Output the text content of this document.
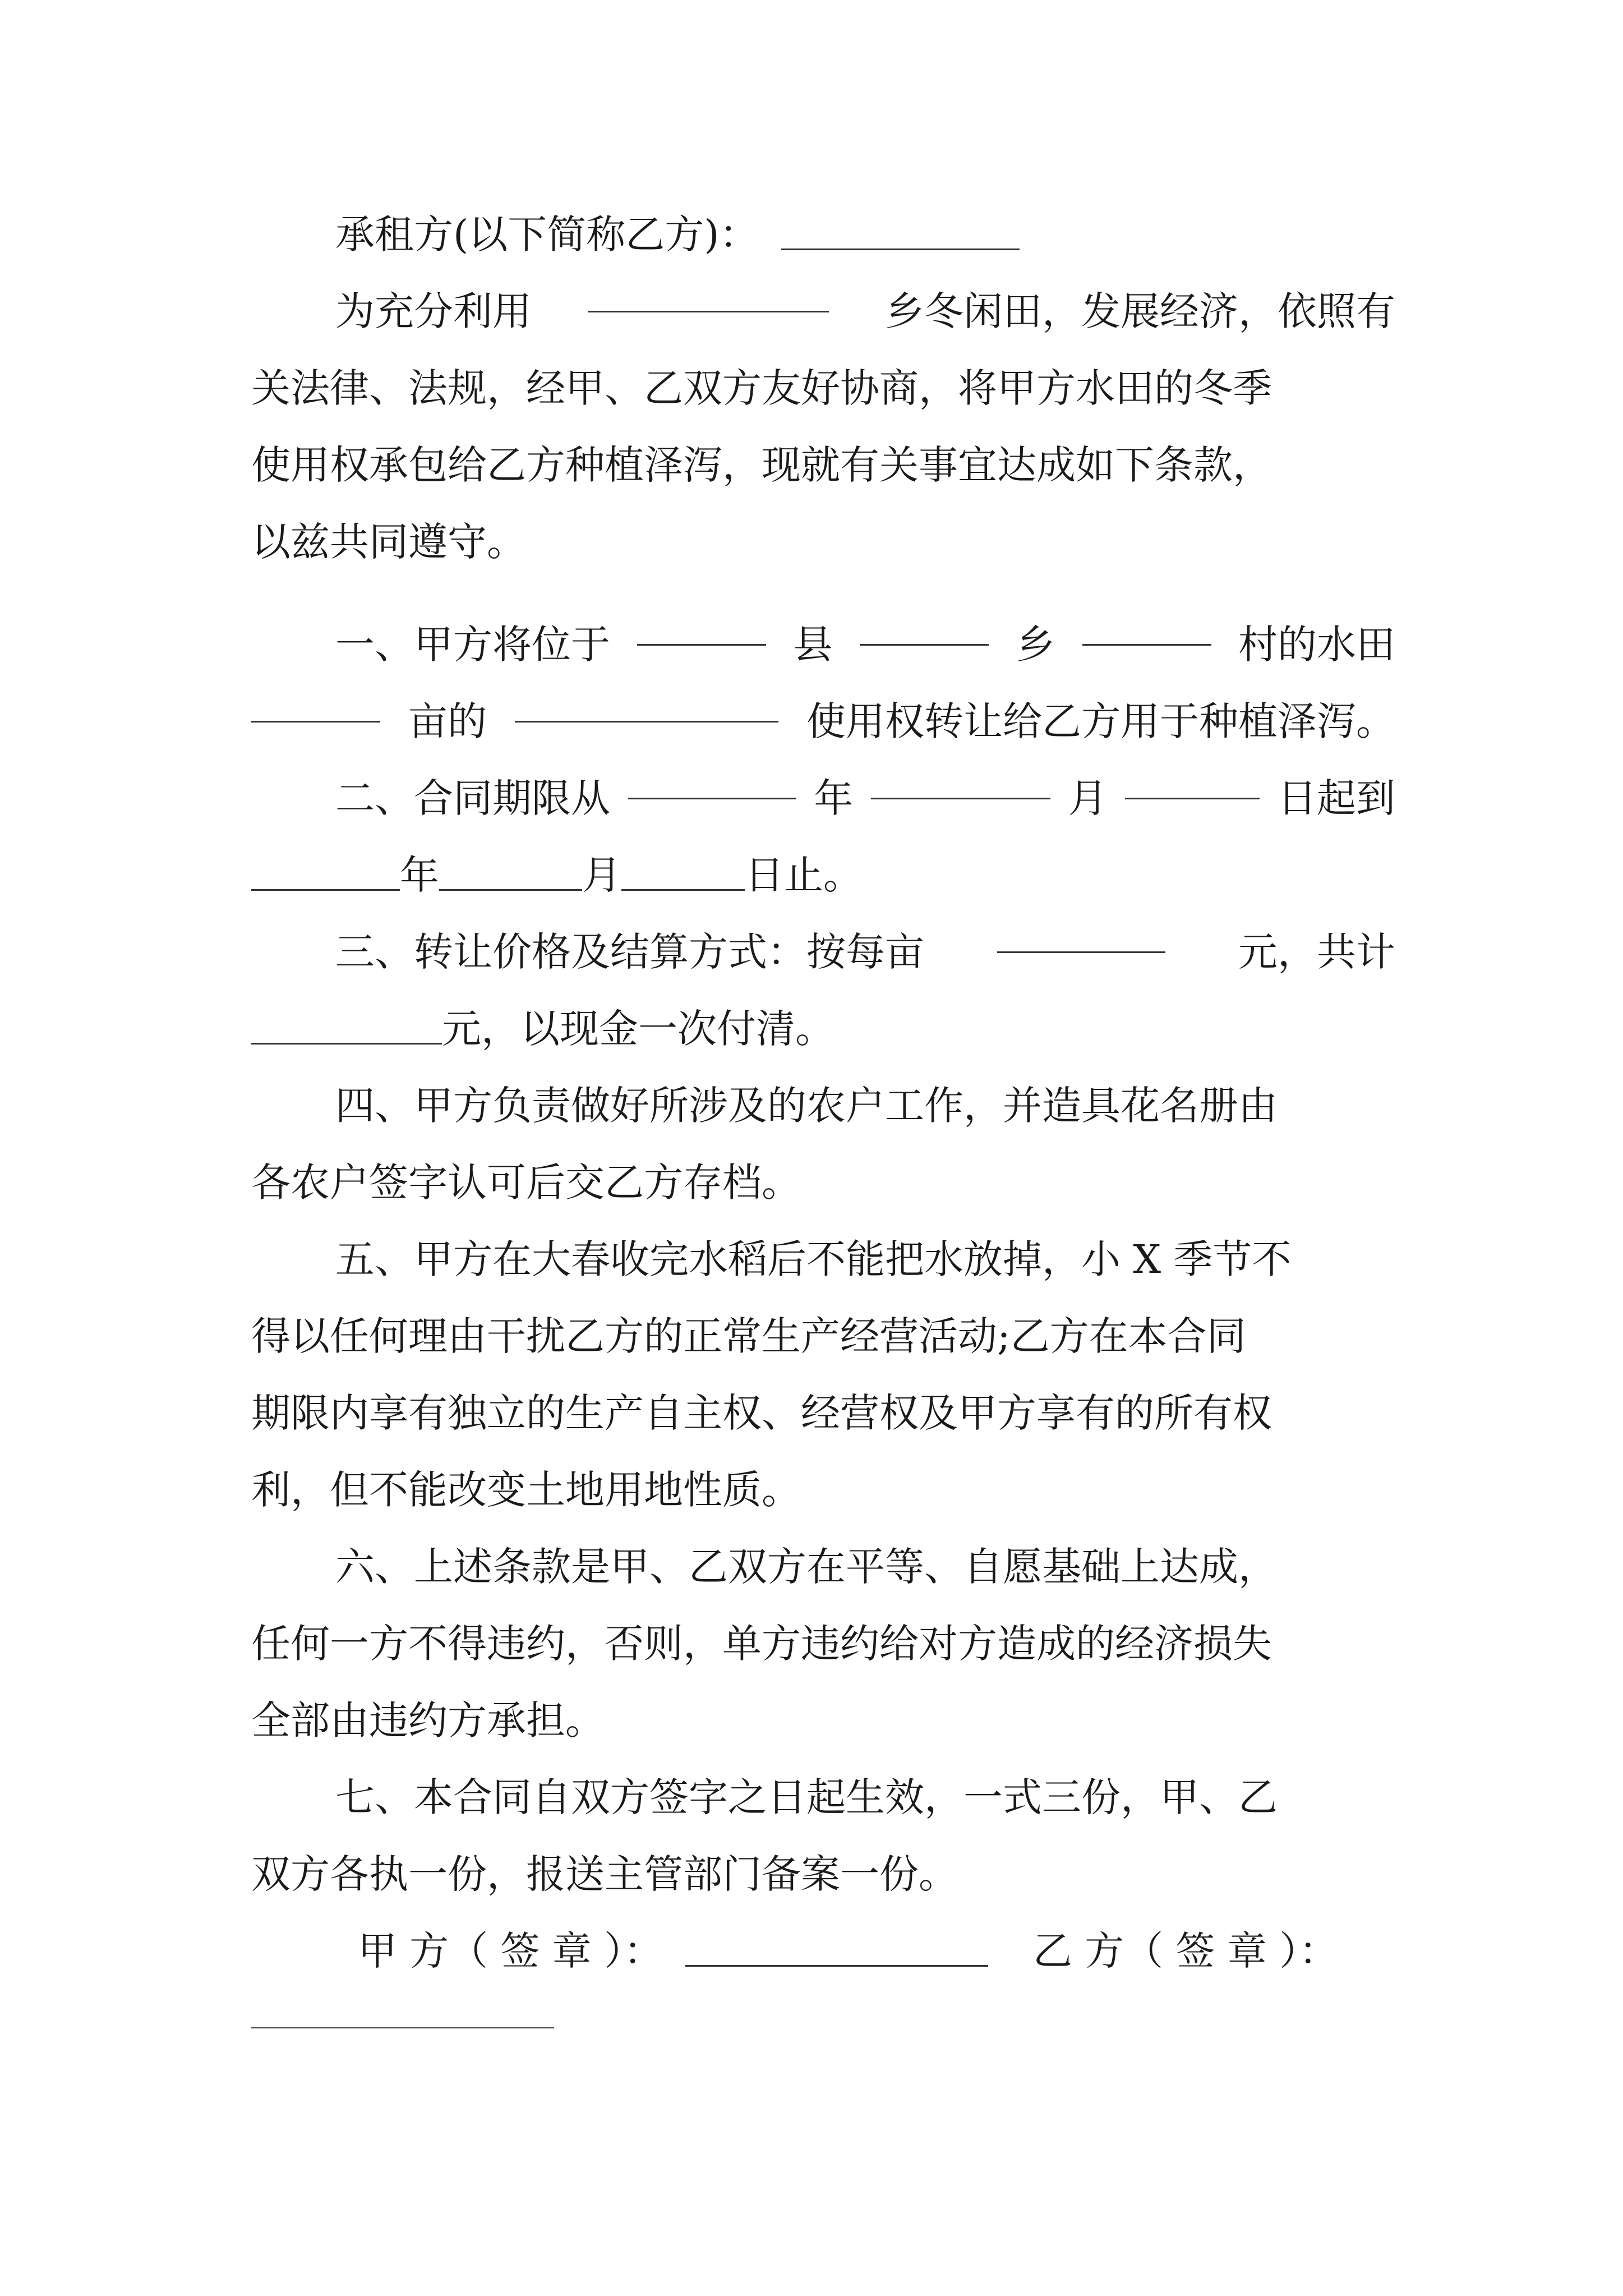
承租方(以下简称乙方)：
为充分利用	乡冬闲田，发展经济，依照有
关法律、法规，经甲、乙双方友好协商，将甲方水田的冬季
使用权承包给乙方种植泽泻，现就有关事宜达成如下条款，
以兹共同遵守。
一、甲方将位于	县	乡	村的水田
亩的	使用权转让给乙方用于种植泽泻。
二、合同期限从	年	月	日起到
年	月	日止。
三、转让价格及结算方式：按每亩	元，共计
元，以现金一次付清。
四、甲方负责做好所涉及的农户工作，并造具花名册由
各农户签字认可后交乙方存档。
五、甲方在大春收完水稻后不能把水放掉，小 X 季节不
得以任何理由干扰乙方的正常生产经营活动;乙方在本合同
期限内享有独立的生产自主权、经营权及甲方享有的所有权
利，但不能改变土地用地性质。
六、上述条款是甲、乙双方在平等、自愿基础上达成，
任何一方不得违约，否则，单方违约给对方造成的经济损失
全部由违约方承担。
七、本合同自双方签字之日起生效，一式三份，甲、乙
双方各执一份，报送主管部门备案一份。
甲 方（ 签 章 ）：	乙 方（ 签 章 ）：
